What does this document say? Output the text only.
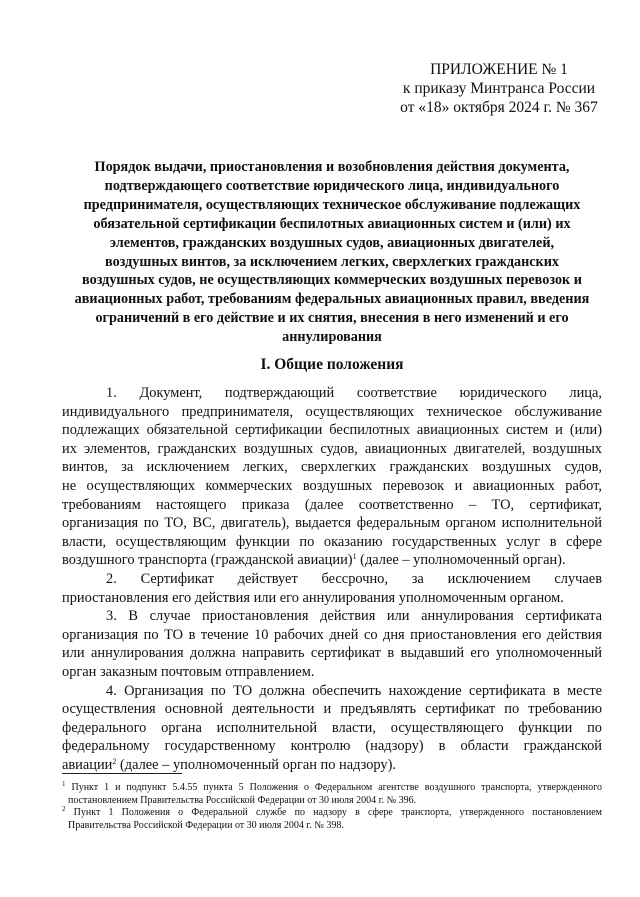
ПРИЛОЖЕНИЕ № 1
к приказу Минтранса России
от «18» октября 2024 г. № 367
Порядок выдачи, приостановления и возобновления действия документа,
подтверждающего соответствие юридического лица, индивидуального
предпринимателя, осуществляющих техническое обслуживание подлежащих
обязательной сертификации беспилотных авиационных систем и (или) их
элементов, гражданских воздушных судов, авиационных двигателей,
воздушных винтов, за исключением легких, сверхлегких гражданских
воздушных судов, не осуществляющих коммерческих воздушных перевозок и
авиационных работ, требованиям федеральных авиационных правил, введения
ограничений в его действие и их снятия, внесения в него изменений и его
аннулирования
I. Общие положения
1. Документ, подтверждающий соответствие юридического лица,
индивидуального предпринимателя, осуществляющих техническое обслуживание
подлежащих обязательной сертификации беспилотных авиационных систем и (или)
их элементов, гражданских воздушных судов, авиационных двигателей, воздушных
винтов, за исключением легких, сверхлегких гражданских воздушных судов,
не осуществляющих коммерческих воздушных перевозок и авиационных работ,
требованиям настоящего приказа (далее соответственно – ТО, сертификат,
организация по ТО, ВС, двигатель), выдается федеральным органом исполнительной
власти, осуществляющим функции по оказанию государственных услуг в сфере
воздушного транспорта (гражданской авиации)$^1$ (далее – уполномоченный орган).
2. Сертификат действует бессрочно, за исключением случаев
приостановления его действия или его аннулирования уполномоченным органом.
3. В случае приостановления действия или аннулирования сертификата
организация по ТО в течение 10 рабочих дней со дня приостановления его действия
или аннулирования должна направить сертификат в выдавший его уполномоченный
орган заказным почтовым отправлением.
4. Организация по ТО должна обеспечить нахождение сертификата в месте
осуществления основной деятельности и предъявлять сертификат по требованию
федерального органа исполнительной власти, осуществляющего функции по
федеральному государственному контролю (надзору) в области гражданской
авиации$^2$ (далее – уполномоченный орган по надзору).
$^1$ Пункт 1 и подпункт 5.4.55 пункта 5 Положения о Федеральном агентстве воздушного транспорта, утвержденного
постановлением Правительства Российской Федерации от 30 июля 2004 г. № 396.
$^2$ Пункт 1 Положения о Федеральной службе по надзору в сфере транспорта, утвержденного постановлением
Правительства Российской Федерации от 30 июля 2004 г. № 398.
